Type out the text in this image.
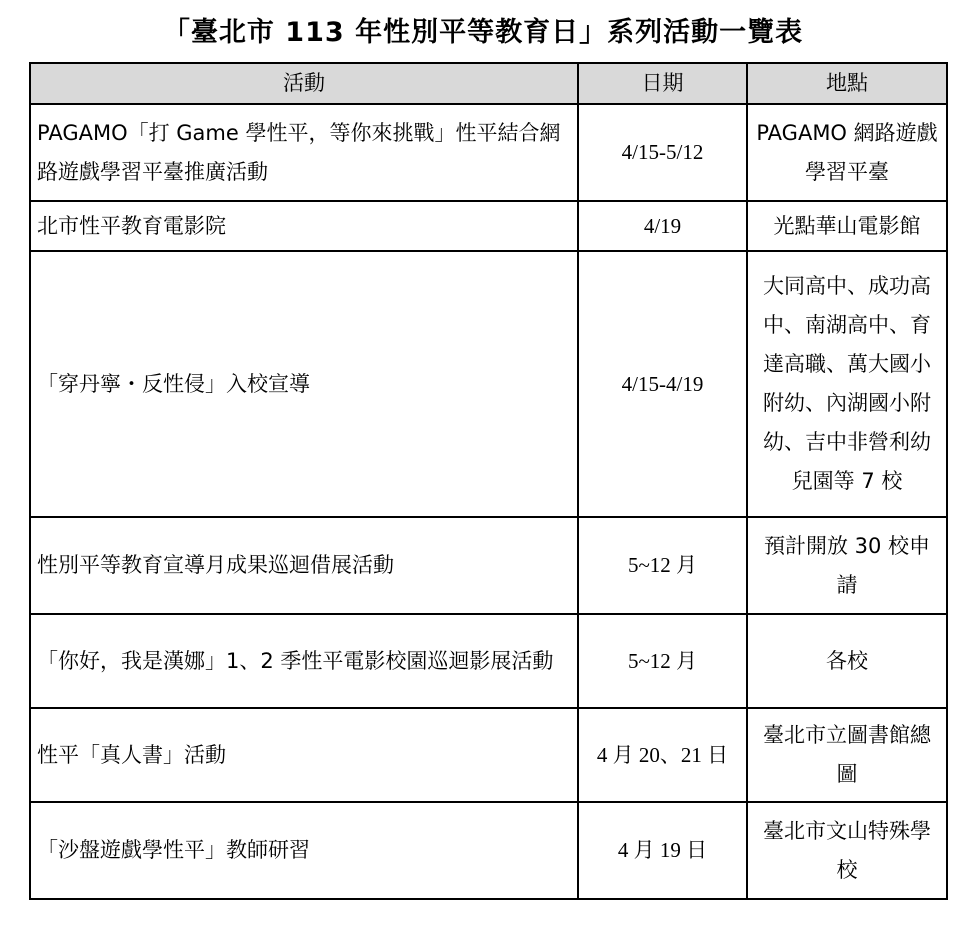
「臺北市 113 年性別平等教育日」系列活動一覽表
活動	日期	地點
PAGAMO「打 Game 學性平，等你來挑戰」性平結合網路遊戲學習平臺推廣活動	4/15-5/12	PAGAMO 網路遊戲學習平臺
北市性平教育電影院	4/19	光點華山電影館
「穿丹寧・反性侵」入校宣導	4/15-4/19	大同高中、成功高中、南湖高中、育達高職、萬大國小附幼、內湖國小附幼、吉中非營利幼兒園等 7 校
性別平等教育宣導月成果巡迴借展活動	5~12 月	預計開放 30 校申請
「你好，我是漢娜」1、2 季性平電影校園巡迴影展活動	5~12 月	各校
性平「真人書」活動	4 月 20、21 日	臺北市立圖書館總圖
「沙盤遊戲學性平」教師研習	4 月 19 日	臺北市文山特殊學校
